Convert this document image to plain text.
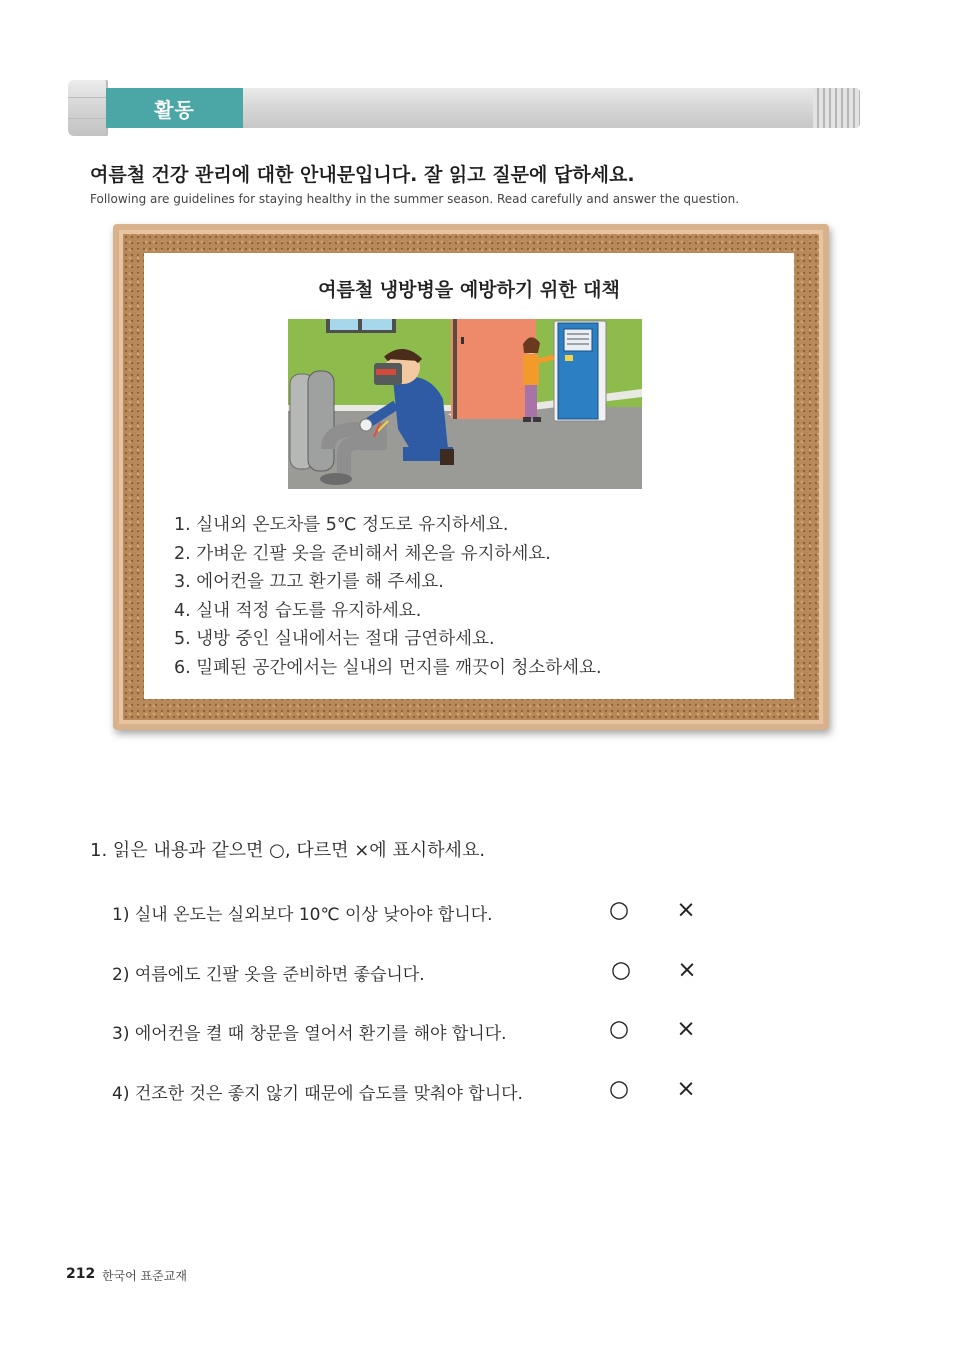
활동
여름철 건강 관리에 대한 안내문입니다. 잘 읽고 질문에 답하세요.
Following are guidelines for staying healthy in the summer season. Read carefully and answer the question.
여름철 냉방병을 예방하기 위한 대책
1. 실내외 온도차를 5℃ 정도로 유지하세요.
2. 가벼운 긴팔 옷을 준비해서 체온을 유지하세요.
3. 에어컨을 끄고 환기를 해 주세요.
4. 실내 적정 습도를 유지하세요.
5. 냉방 중인 실내에서는 절대 금연하세요.
6. 밀폐된 공간에서는 실내의 먼지를 깨끗이 청소하세요.
1. 읽은 내용과 같으면 ○, 다르면 ×에 표시하세요.
1) 실내 온도는 실외보다 10℃ 이상 낮아야 합니다.	○ ×
2) 여름에도 긴팔 옷을 준비하면 좋습니다.	○ ×
3) 에어컨을 켤 때 창문을 열어서 환기를 해야 합니다.	○ ×
4) 건조한 것은 좋지 않기 때문에 습도를 맞춰야 합니다.	○ ×
212 한국어 표준교재
